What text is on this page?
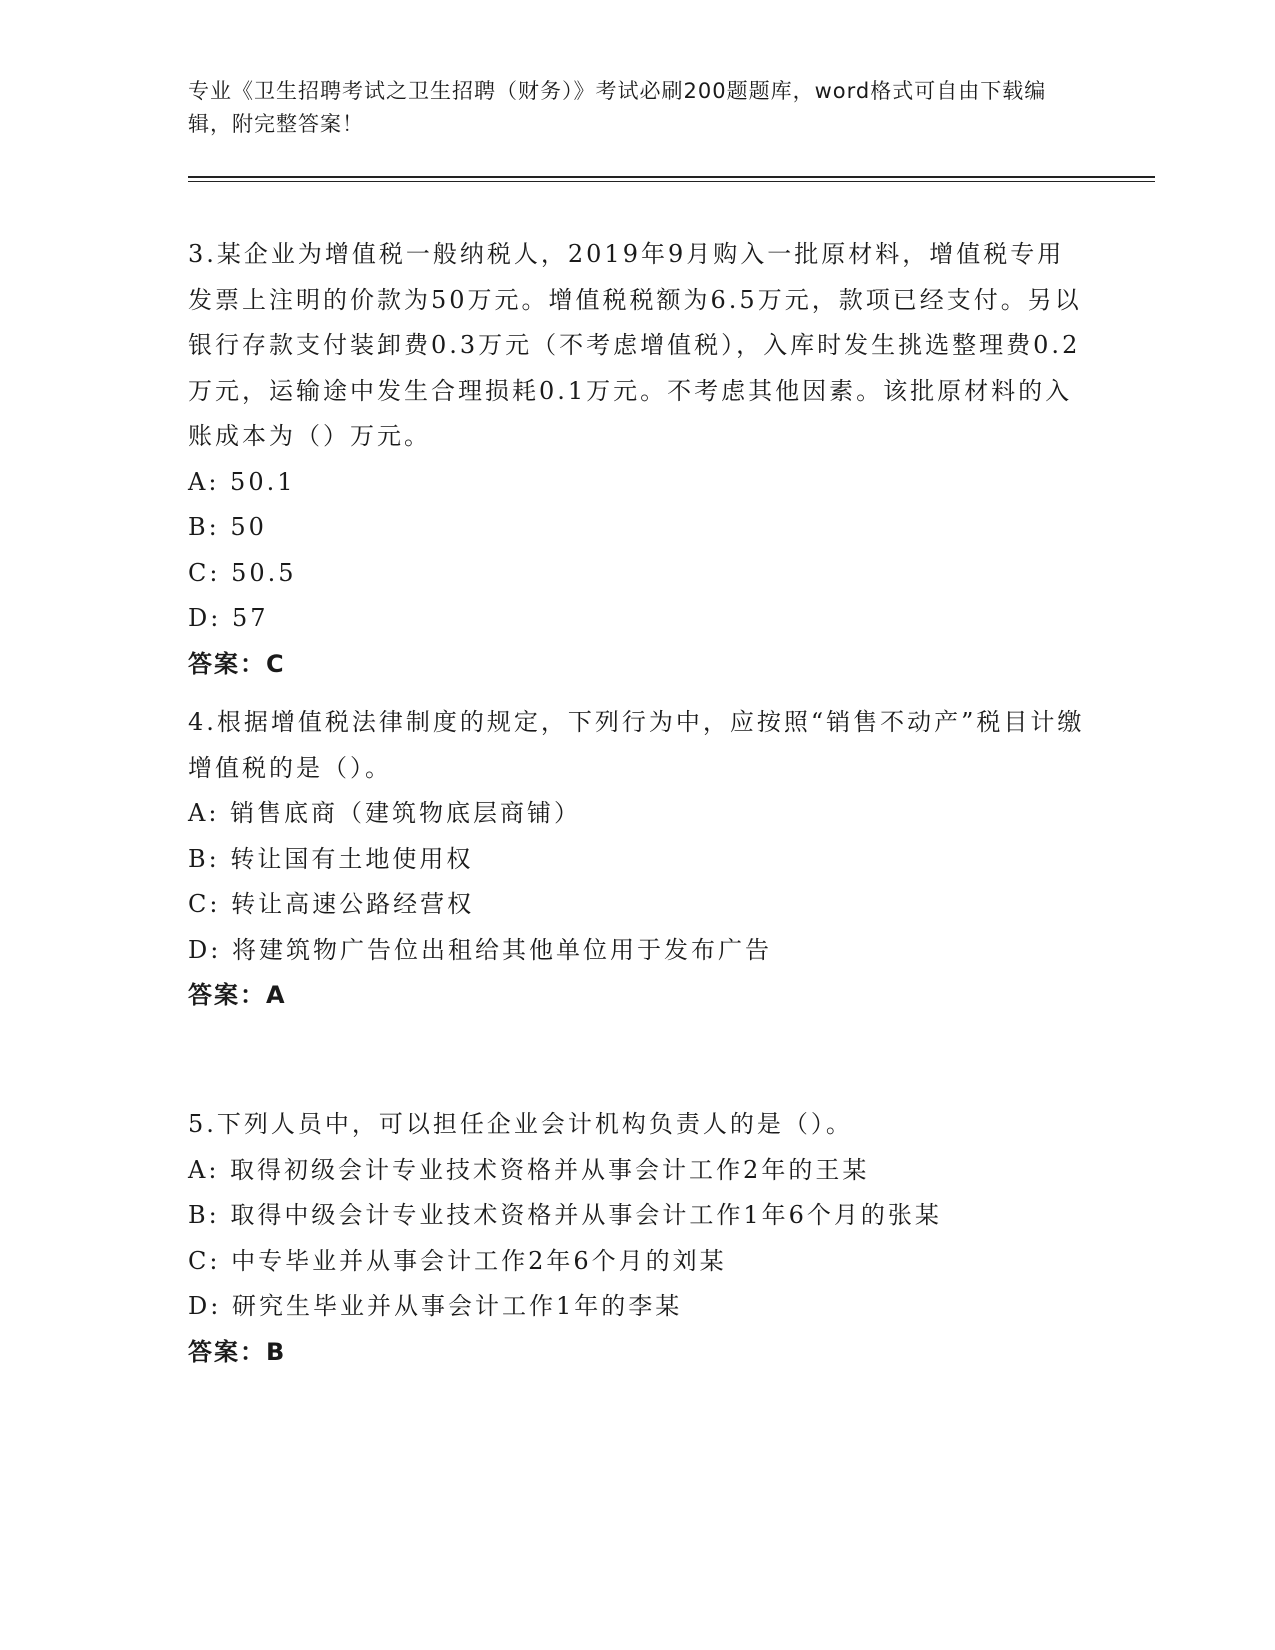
专业《卫生招聘考试之卫生招聘（财务）》考试必刷200题题库，word格式可自由下载编辑，附完整答案！
3.某企业为增值税一般纳税人，2019年9月购入一批原材料，增值税专用发票上注明的价款为50万元。增值税税额为6.5万元，款项已经支付。另以银行存款支付装卸费0.3万元（不考虑增值税），入库时发生挑选整理费0.2万元，运输途中发生合理损耗0.1万元。不考虑其他因素。该批原材料的入账成本为（）万元。
A: 50.1
B: 50
C: 50.5
D: 57
答案：C
4.根据增值税法律制度的规定，下列行为中，应按照“销售不动产”税目计缴增值税的是（）。
A: 销售底商（建筑物底层商铺）
B: 转让国有土地使用权
C: 转让高速公路经营权
D: 将建筑物广告位出租给其他单位用于发布广告
答案：A
5.下列人员中，可以担任企业会计机构负责人的是（）。
A: 取得初级会计专业技术资格并从事会计工作2年的王某
B: 取得中级会计专业技术资格并从事会计工作1年6个月的张某
C: 中专毕业并从事会计工作2年6个月的刘某
D: 研究生毕业并从事会计工作1年的李某
答案：B
